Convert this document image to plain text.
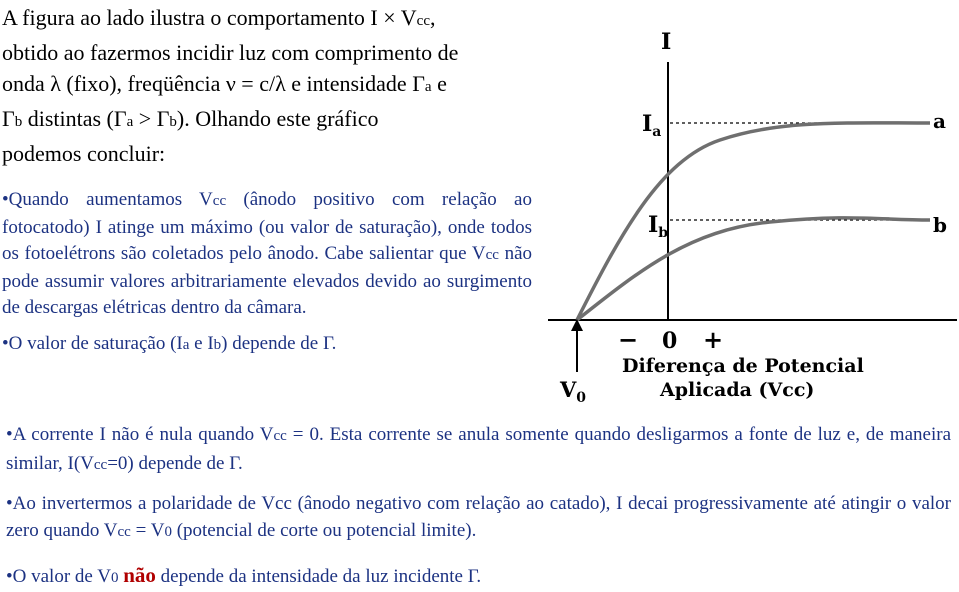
A figura ao lado ilustra o comportamento I × Vcc,
obtido ao fazermos incidir luz com comprimento de
onda λ (fixo), freqüência ν = c/λ e intensidade Γa e
Γb distintas (Γa > Γb). Olhando este gráfico
podemos concluir:

•Quando aumentamos Vcc (ânodo positivo com relação ao fotocatodo) I atinge um máximo (ou valor de saturação), onde todos os fotoelétrons são coletados pelo ânodo. Cabe salientar que Vcc não pode assumir valores arbitrariamente elevados devido ao surgimento de descargas elétricas dentro da câmara.

•O valor de saturação (Ia e Ib) depende de Γ.

I
$I_a$
$I_b$
a
b
− 0 +
Diferença de Potencial
Aplicada (Vcc)
$V_0$
•A corrente I não é nula quando Vcc = 0. Esta corrente se anula somente quando desligarmos a fonte de luz e, de maneira similar, I(Vcc=0) depende de Γ.
•Ao invertermos a polaridade de Vcc (ânodo negativo com relação ao catado), I decai progressivamente até atingir o valor zero quando Vcc = V0 (potencial de corte ou potencial limite).
•O valor de V0 não depende da intensidade da luz incidente Γ.
